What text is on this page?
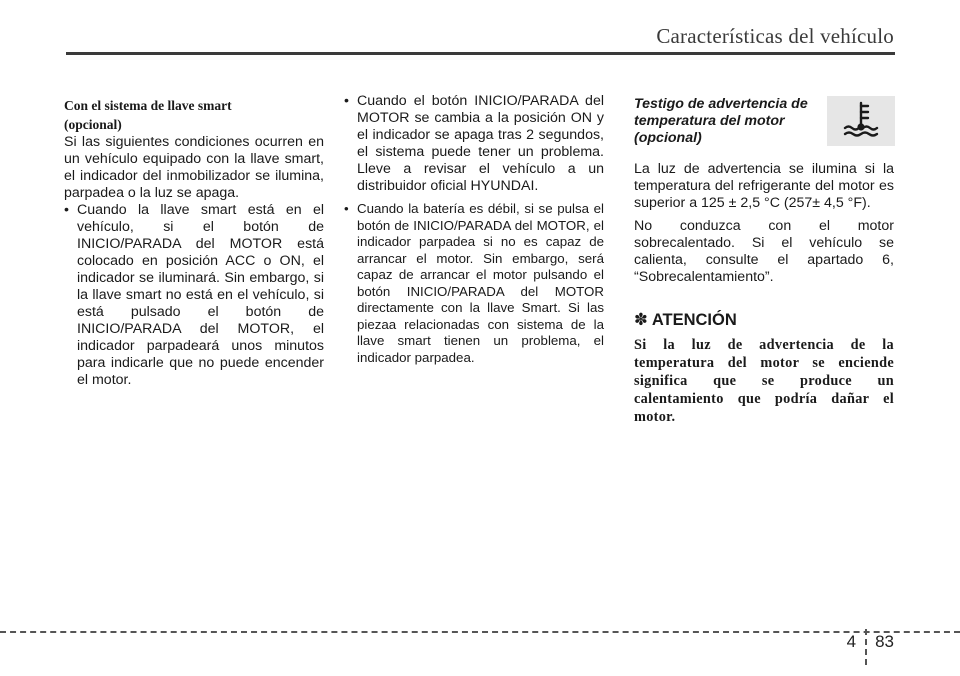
Características del vehículo

Con el sistema de llave smart

(opcional)

Si las siguientes condiciones ocurren en un vehículo equipado con la llave smart, el indicador del inmobilizador se ilumina, parpadea o la luz se apaga.

• Cuando la llave smart está en el vehículo, si el botón de INICIO/PARADA del MOTOR está colocado en posición ACC o ON, el indicador se iluminará. Sin embargo, si la llave smart no está en el vehículo, si está pulsado el botón de INICIO/PARADA del MOTOR, el indicador parpadeará unos minutos para indicarle que no puede encender el motor.
• Cuando el botón INICIO/PARADA del MOTOR se cambia a la posición ON y el indicador se apaga tras 2 segundos, el sistema puede tener un problema. Lleve a revisar el vehículo a un distribuidor oficial HYUNDAI.
• Cuando la batería es débil, si se pulsa el botón de INICIO/PARADA del MOTOR, el indicador parpadea si no es capaz de arrancar el motor. Sin embargo, será capaz de arrancar el motor pulsando el botón INICIO/PARADA del MOTOR directamente con la llave Smart. Si las piezaa relacionadas con sistema de la llave smart tienen un problema, el indicador parpadea.

Testigo de advertencia de temperatura del motor (opcional)

La luz de advertencia se ilumina si la temperatura del refrigerante del motor es superior a 125 ± 2,5 °C (257± 4,5 °F).

No conduzca con el motor sobrecalentado. Si el vehículo se calienta, consulte el apartado 6, “Sobrecalentamiento”.

✽ ATENCIÓN

Si la luz de advertencia de la temperatura del motor se enciende significa que se produce un calentamiento que podría dañar el motor.

4 83
